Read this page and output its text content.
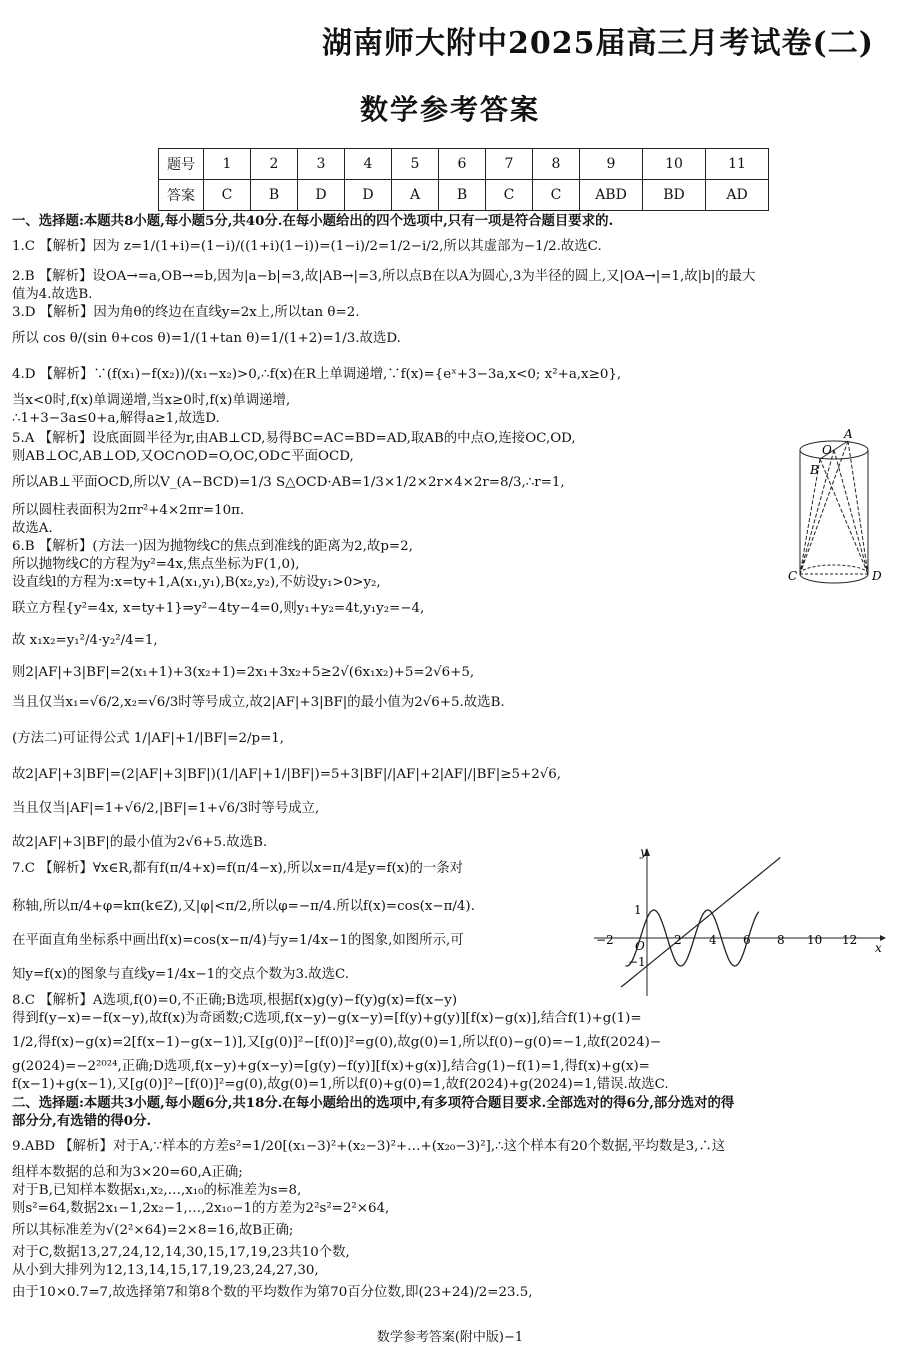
湖南师大附中2025届高三月考试卷(二)
数学参考答案
题号	1	2	3	4	5	6	7	8	9	10	11
答案	C	B	D	D	A	B	C	C	ABD	BD	AD
一、选择题:本题共8小题,每小题5分,共40分.在每小题给出的四个选项中,只有一项是符合题目要求的.
1.C 【解析】因为 z=1/(1+i)=(1−i)/((1+i)(1−i))=(1−i)/2=1/2−i/2,所以其虚部为−1/2.故选C.
2.B 【解析】设OA→=a,OB→=b,因为|a−b|=3,故|AB→|=3,所以点B在以A为圆心,3为半径的圆上,又|OA→|=1,故|b|的最大
值为4.故选B.
3.D 【解析】因为角θ的终边在直线y=2x上,所以tan θ=2.
所以 cos θ/(sin θ+cos θ)=1/(1+tan θ)=1/(1+2)=1/3.故选D.
4.D 【解析】∵(f(x₁)−f(x₂))/(x₁−x₂)>0,∴f(x)在R上单调递增,∵f(x)={eˣ+3−3a,x<0; x²+a,x≥0},
当x<0时,f(x)单调递增,当x≥0时,f(x)单调递增,
∴1+3−3a≤0+a,解得a≥1,故选D.
5.A 【解析】设底面圆半径为r,由AB⊥CD,易得BC=AC=BD=AD,取AB的中点O,连接OC,OD,
则AB⊥OC,AB⊥OD,又OC∩OD=O,OC,OD⊂平面OCD,
所以AB⊥平面OCD,所以V_(A−BCD)=1/3 S△OCD·AB=1/3×1/2×2r×4×2r=8/3,∴r=1,
所以圆柱表面积为2πr²+4×2πr=10π.
故选A.
6.B 【解析】(方法一)因为抛物线C的焦点到准线的距离为2,故p=2,
所以抛物线C的方程为y²=4x,焦点坐标为F(1,0),
设直线l的方程为:x=ty+1,A(x₁,y₁),B(x₂,y₂),不妨设y₁>0>y₂,
联立方程{y²=4x, x=ty+1}⇒y²−4ty−4=0,则y₁+y₂=4t,y₁y₂=−4,
故 x₁x₂=y₁²/4·y₂²/4=1,
则2|AF|+3|BF|=2(x₁+1)+3(x₂+1)=2x₁+3x₂+5≥2√(6x₁x₂)+5=2√6+5,
当且仅当x₁=√6/2,x₂=√6/3时等号成立,故2|AF|+3|BF|的最小值为2√6+5.故选B.
(方法二)可证得公式 1/|AF|+1/|BF|=2/p=1,
故2|AF|+3|BF|=(2|AF|+3|BF|)(1/|AF|+1/|BF|)=5+3|BF|/|AF|+2|AF|/|BF|≥5+2√6,
当且仅当|AF|=1+√6/2,|BF|=1+√6/3时等号成立,
故2|AF|+3|BF|的最小值为2√6+5.故选B.
7.C 【解析】∀x∈R,都有f(π/4+x)=f(π/4−x),所以x=π/4是y=f(x)的一条对
称轴,所以π/4+φ=kπ(k∈Z),又|φ|<π/2,所以φ=−π/4.所以f(x)=cos(x−π/4).
在平面直角坐标系中画出f(x)=cos(x−π/4)与y=1/4x−1的图象,如图所示,可
知y=f(x)的图象与直线y=1/4x−1的交点个数为3.故选C.
8.C 【解析】A选项,f(0)=0,不正确;B选项,根据f(x)g(y)−f(y)g(x)=f(x−y)
得到f(y−x)=−f(x−y),故f(x)为奇函数;C选项,f(x−y)−g(x−y)=[f(y)+g(y)][f(x)−g(x)],结合f(1)+g(1)=
1/2,得f(x)−g(x)=2[f(x−1)−g(x−1)],又[g(0)]²−[f(0)]²=g(0),故g(0)=1,所以f(0)−g(0)=−1,故f(2024)−
g(2024)=−2²⁰²⁴,正确;D选项,f(x−y)+g(x−y)=[g(y)−f(y)][f(x)+g(x)],结合g(1)−f(1)=1,得f(x)+g(x)=
f(x−1)+g(x−1),又[g(0)]²−[f(0)]²=g(0),故g(0)=1,所以f(0)+g(0)=1,故f(2024)+g(2024)=1,错误.故选C.
二、选择题:本题共3小题,每小题6分,共18分.在每小题给出的选项中,有多项符合题目要求.全部选对的得6分,部分选对的得
部分分,有选错的得0分.
9.ABD 【解析】对于A,∵样本的方差s²=1/20[(x₁−3)²+(x₂−3)²+…+(x₂₀−3)²],∴这个样本有20个数据,平均数是3,∴这
组样本数据的总和为3×20=60,A正确;
对于B,已知样本数据x₁,x₂,…,x₁₀的标准差为s=8,
则s²=64,数据2x₁−1,2x₂−1,…,2x₁₀−1的方差为2²s²=2²×64,
所以其标准差为√(2²×64)=2×8=16,故B正确;
对于C,数据13,27,24,12,14,30,15,17,19,23共10个数,
从小到大排列为12,13,14,15,17,19,23,24,27,30,
由于10×0.7=7,故选择第7和第8个数的平均数作为第70百分位数,即(23+24)/2=23.5,
A
O
B
C	D
y
x
O
−2	2 4 6 8 10 12
1
−1
数学参考答案(附中版)−1
